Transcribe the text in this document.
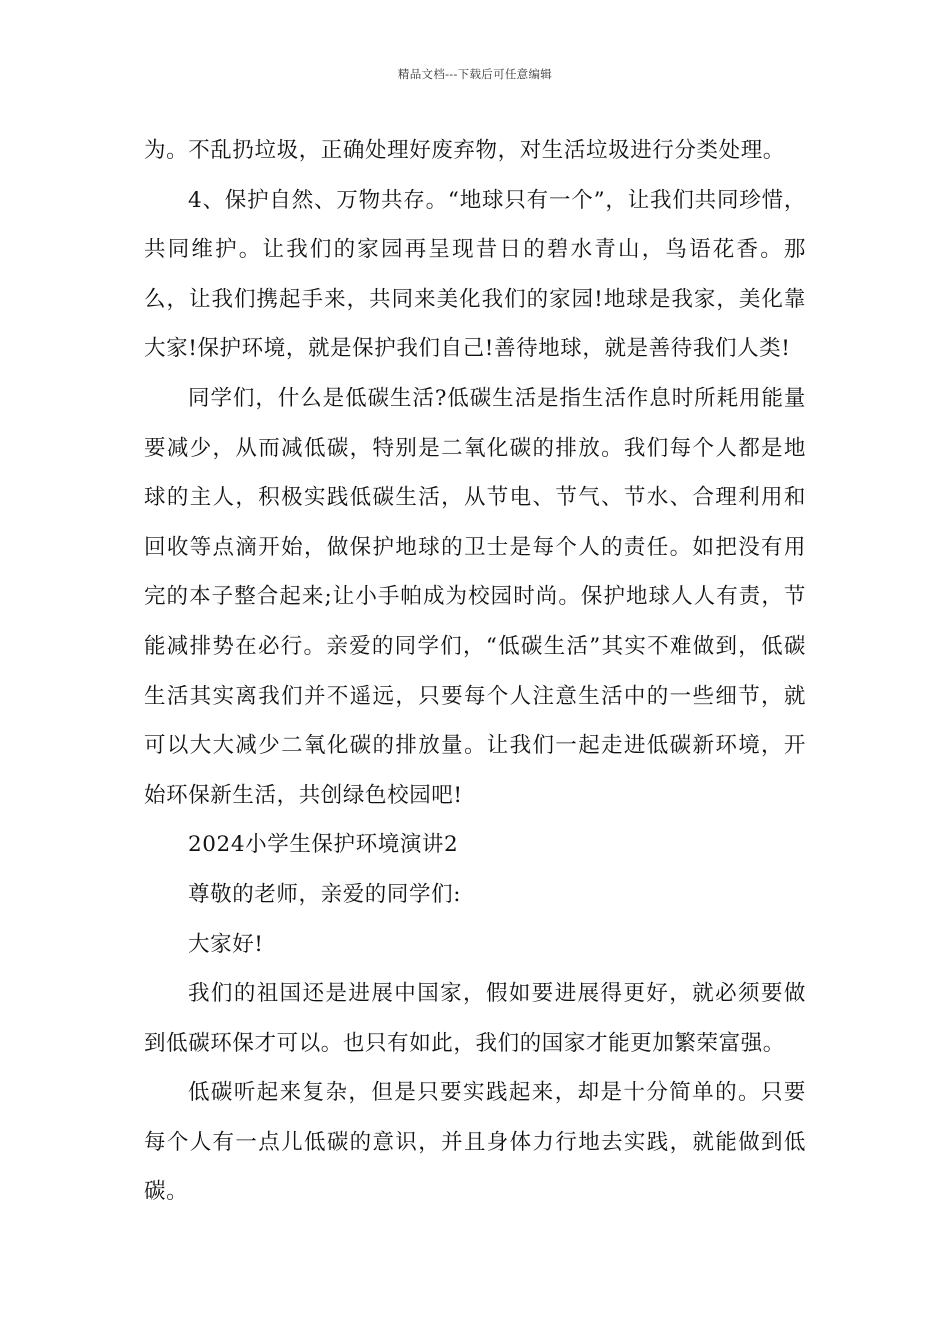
精品文档---下载后可任意编辑

为。不乱扔垃圾，正确处理好废弃物，对生活垃圾进行分类处理。

4、保护自然、万物共存。“地球只有一个”，让我们共同珍惜，共同维护。让我们的家园再呈现昔日的碧水青山，鸟语花香。那么，让我们携起手来，共同来美化我们的家园!地球是我家，美化靠大家!保护环境，就是保护我们自己!善待地球，就是善待我们人类!

同学们，什么是低碳生活?低碳生活是指生活作息时所耗用能量要减少，从而减低碳，特别是二氧化碳的排放。我们每个人都是地球的主人，积极实践低碳生活，从节电、节气、节水、合理利用和回收等点滴开始，做保护地球的卫士是每个人的责任。如把没有用完的本子整合起来;让小手帕成为校园时尚。保护地球人人有责，节能减排势在必行。亲爱的同学们，“低碳生活”其实不难做到，低碳生活其实离我们并不遥远，只要每个人注意生活中的一些细节，就可以大大减少二氧化碳的排放量。让我们一起走进低碳新环境，开始环保新生活，共创绿色校园吧!

2024小学生保护环境演讲2

尊敬的老师，亲爱的同学们:

大家好!

我们的祖国还是进展中国家，假如要进展得更好，就必须要做到低碳环保才可以。也只有如此，我们的国家才能更加繁荣富强。

低碳听起来复杂，但是只要实践起来，却是十分简单的。只要每个人有一点儿低碳的意识，并且身体力行地去实践，就能做到低碳。
